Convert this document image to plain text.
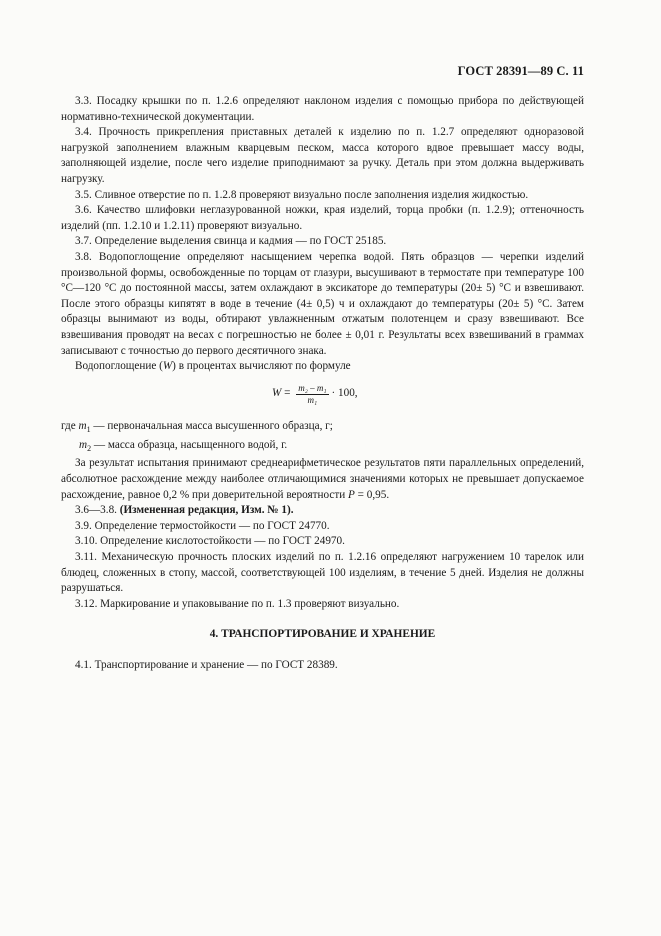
ГОСТ 28391—89 С. 11

3.3. Посадку крышки по п. 1.2.6 определяют наклоном изделия с помощью прибора по действующей нормативно-технической документации.

3.4. Прочность прикрепления приставных деталей к изделию по п. 1.2.7 определяют одноразовой нагрузкой заполнением влажным кварцевым песком, масса которого вдвое превышает массу воды, заполняющей изделие, после чего изделие приподнимают за ручку. Деталь при этом должна выдерживать нагрузку.

3.5. Сливное отверстие по п. 1.2.8 проверяют визуально после заполнения изделия жидкостью.

3.6. Качество шлифовки неглазурованной ножки, края изделий, торца пробки (п. 1.2.9); оттеночность изделий (пп. 1.2.10 и 1.2.11) проверяют визуально.

3.7. Определение выделения свинца и кадмия — по ГОСТ 25185.

3.8. Водопоглощение определяют насыщением черепка водой. Пять образцов — черепки изделий произвольной формы, освобожденные по торцам от глазури, высушивают в термостате при температуре 100 °С—120 °С до постоянной массы, затем охлаждают в эксикаторе до температуры (20± 5) °С и взвешивают. После этого образцы кипятят в воде в течение (4± 0,5) ч и охлаждают до температуры (20± 5) °С. Затем образцы вынимают из воды, обтирают увлажненным отжатым полотенцем и сразу взвешивают. Все взвешивания проводят на весах с погрешностью не более ± 0,01 г. Результаты всех взвешиваний в граммах записывают с точностью до первого десятичного знака.

Водопоглощение (W) в процентах вычисляют по формуле

$W = \frac{\text{m₂ – m₁}}{\text{m₁}} \cdot 100$,

где $m_1$ — первоначальная масса высушенного образца, г;

$m_2$ — масса образца, насыщенного водой, г.

За результат испытания принимают среднеарифметическое результатов пяти параллельных определений, абсолютное расхождение между наиболее отличающимися значениями которых не превышает допускаемое расхождение, равное 0,2 % при доверительной вероятности P = 0,95.

3.6—3.8. (Измененная редакция, Изм. № 1).

3.9. Определение термостойкости — по ГОСТ 24770.

3.10. Определение кислотостойкости — по ГОСТ 24970.

3.11. Механическую прочность плоских изделий по п. 1.2.16 определяют нагружением 10 тарелок или блюдец, сложенных в стопу, массой, соответствующей 100 изделиям, в течение 5 дней. Изделия не должны разрушаться.

3.12. Маркирование и упаковывание по п. 1.3 проверяют визуально.

4. ТРАНСПОРТИРОВАНИЕ И ХРАНЕНИЕ

4.1. Транспортирование и хранение — по ГОСТ 28389.
